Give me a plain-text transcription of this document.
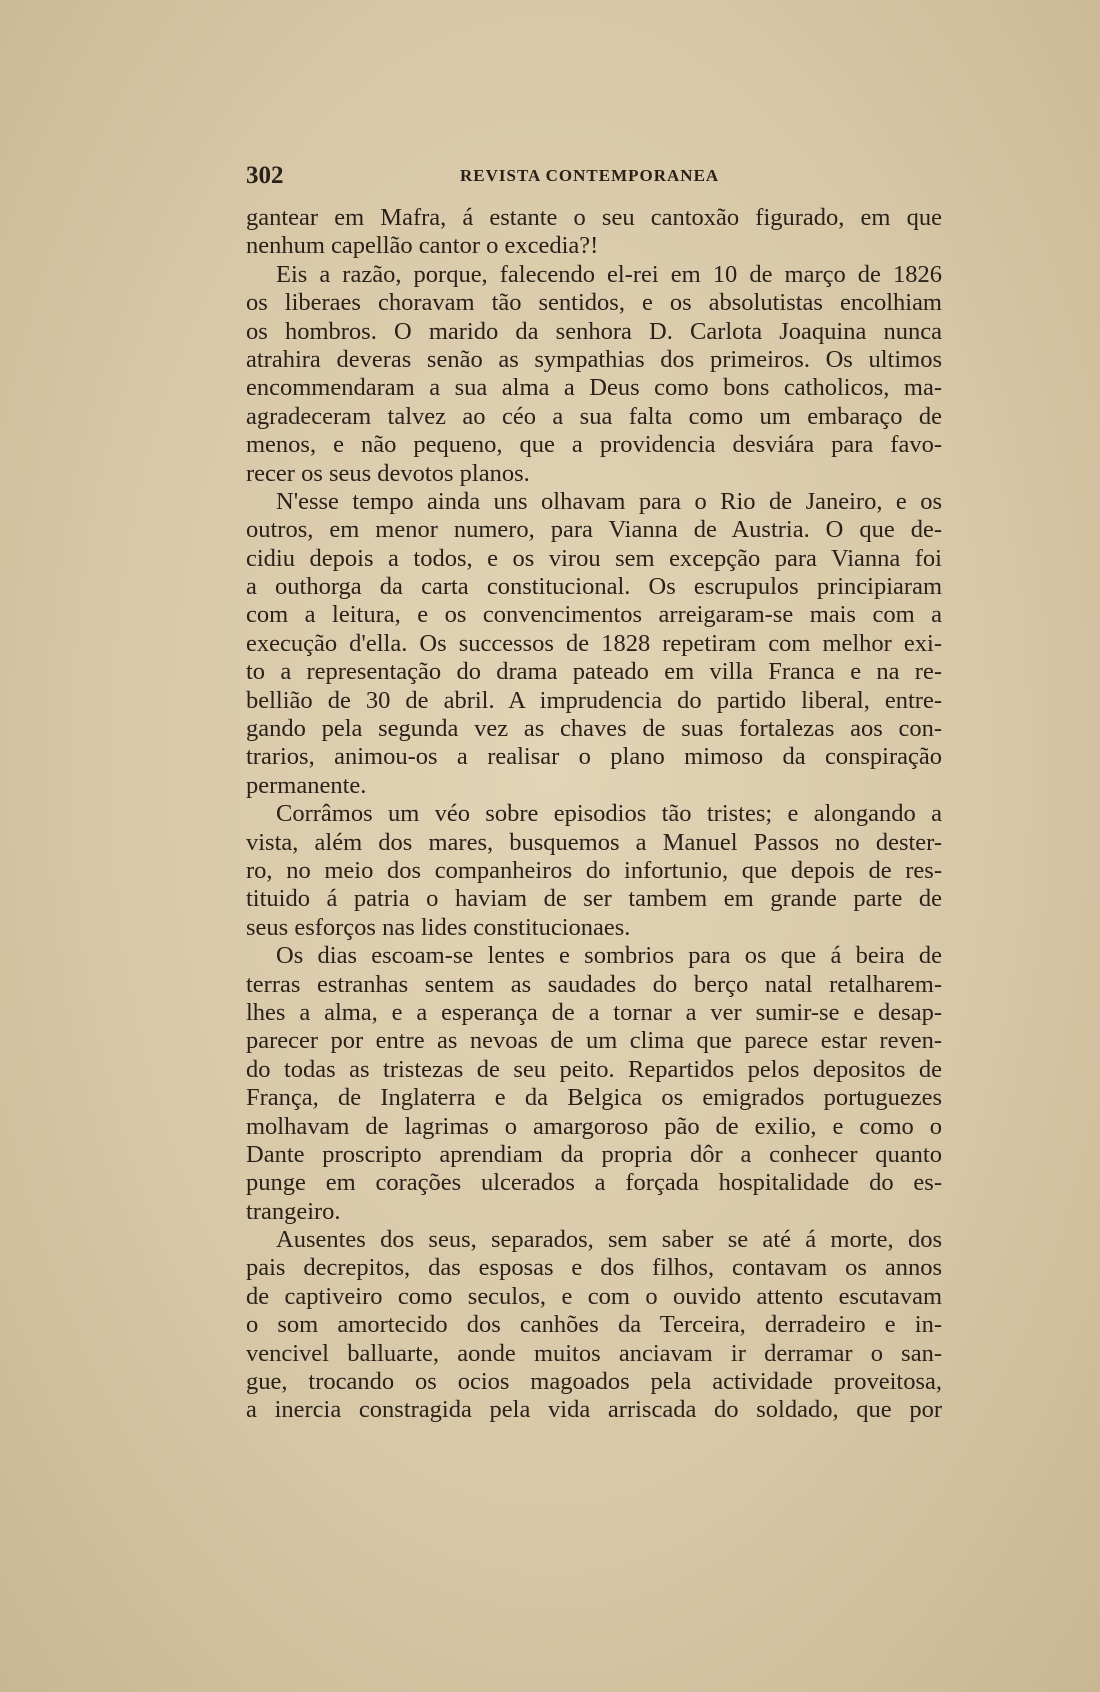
302	REVISTA CONTEMPORANEA
gantear em Mafra, á estante o seu cantoxão figurado, em que
nenhum capellão cantor o excedia?!
Eis a razão, porque, falecendo el-rei em 10 de março de 1826
os liberaes choravam tão sentidos, e os absolutistas encolhiam
os hombros. O marido da senhora D. Carlota Joaquina nunca
atrahira deveras senão as sympathias dos primeiros. Os ultimos
encommendaram a sua alma a Deus como bons catholicos, ma-
agradeceram talvez ao céo a sua falta como um embaraço de
menos, e não pequeno, que a providencia desviára para favo-
recer os seus devotos planos.
N'esse tempo ainda uns olhavam para o Rio de Janeiro, e os
outros, em menor numero, para Vianna de Austria. O que de-
cidiu depois a todos, e os virou sem excepção para Vianna foi
a outhorga da carta constitucional. Os escrupulos principiaram
com a leitura, e os convencimentos arreigaram-se mais com a
execução d'ella. Os successos de 1828 repetiram com melhor exi-
to a representação do drama pateado em villa Franca e na re-
bellião de 30 de abril. A imprudencia do partido liberal, entre-
gando pela segunda vez as chaves de suas fortalezas aos con-
trarios, animou-os a realisar o plano mimoso da conspiração
permanente.
Corrâmos um véo sobre episodios tão tristes; e alongando a
vista, além dos mares, busquemos a Manuel Passos no dester-
ro, no meio dos companheiros do infortunio, que depois de res-
tituido á patria o haviam de ser tambem em grande parte de
seus esforços nas lides constitucionaes.
Os dias escoam-se lentes e sombrios para os que á beira de
terras estranhas sentem as saudades do berço natal retalharem-
lhes a alma, e a esperança de a tornar a ver sumir-se e desap-
parecer por entre as nevoas de um clima que parece estar reven-
do todas as tristezas de seu peito. Repartidos pelos depositos de
França, de Inglaterra e da Belgica os emigrados portuguezes
molhavam de lagrimas o amargoroso pão de exilio, e como o
Dante proscripto aprendiam da propria dôr a conhecer quanto
punge em corações ulcerados a forçada hospitalidade do es-
trangeiro.
Ausentes dos seus, separados, sem saber se até á morte, dos
pais decrepitos, das esposas e dos filhos, contavam os annos
de captiveiro como seculos, e com o ouvido attento escutavam
o som amortecido dos canhões da Terceira, derradeiro e in-
vencivel balluarte, aonde muitos anciavam ir derramar o san-
gue, trocando os ocios magoados pela actividade proveitosa,
a inercia constragida pela vida arriscada do soldado, que por
